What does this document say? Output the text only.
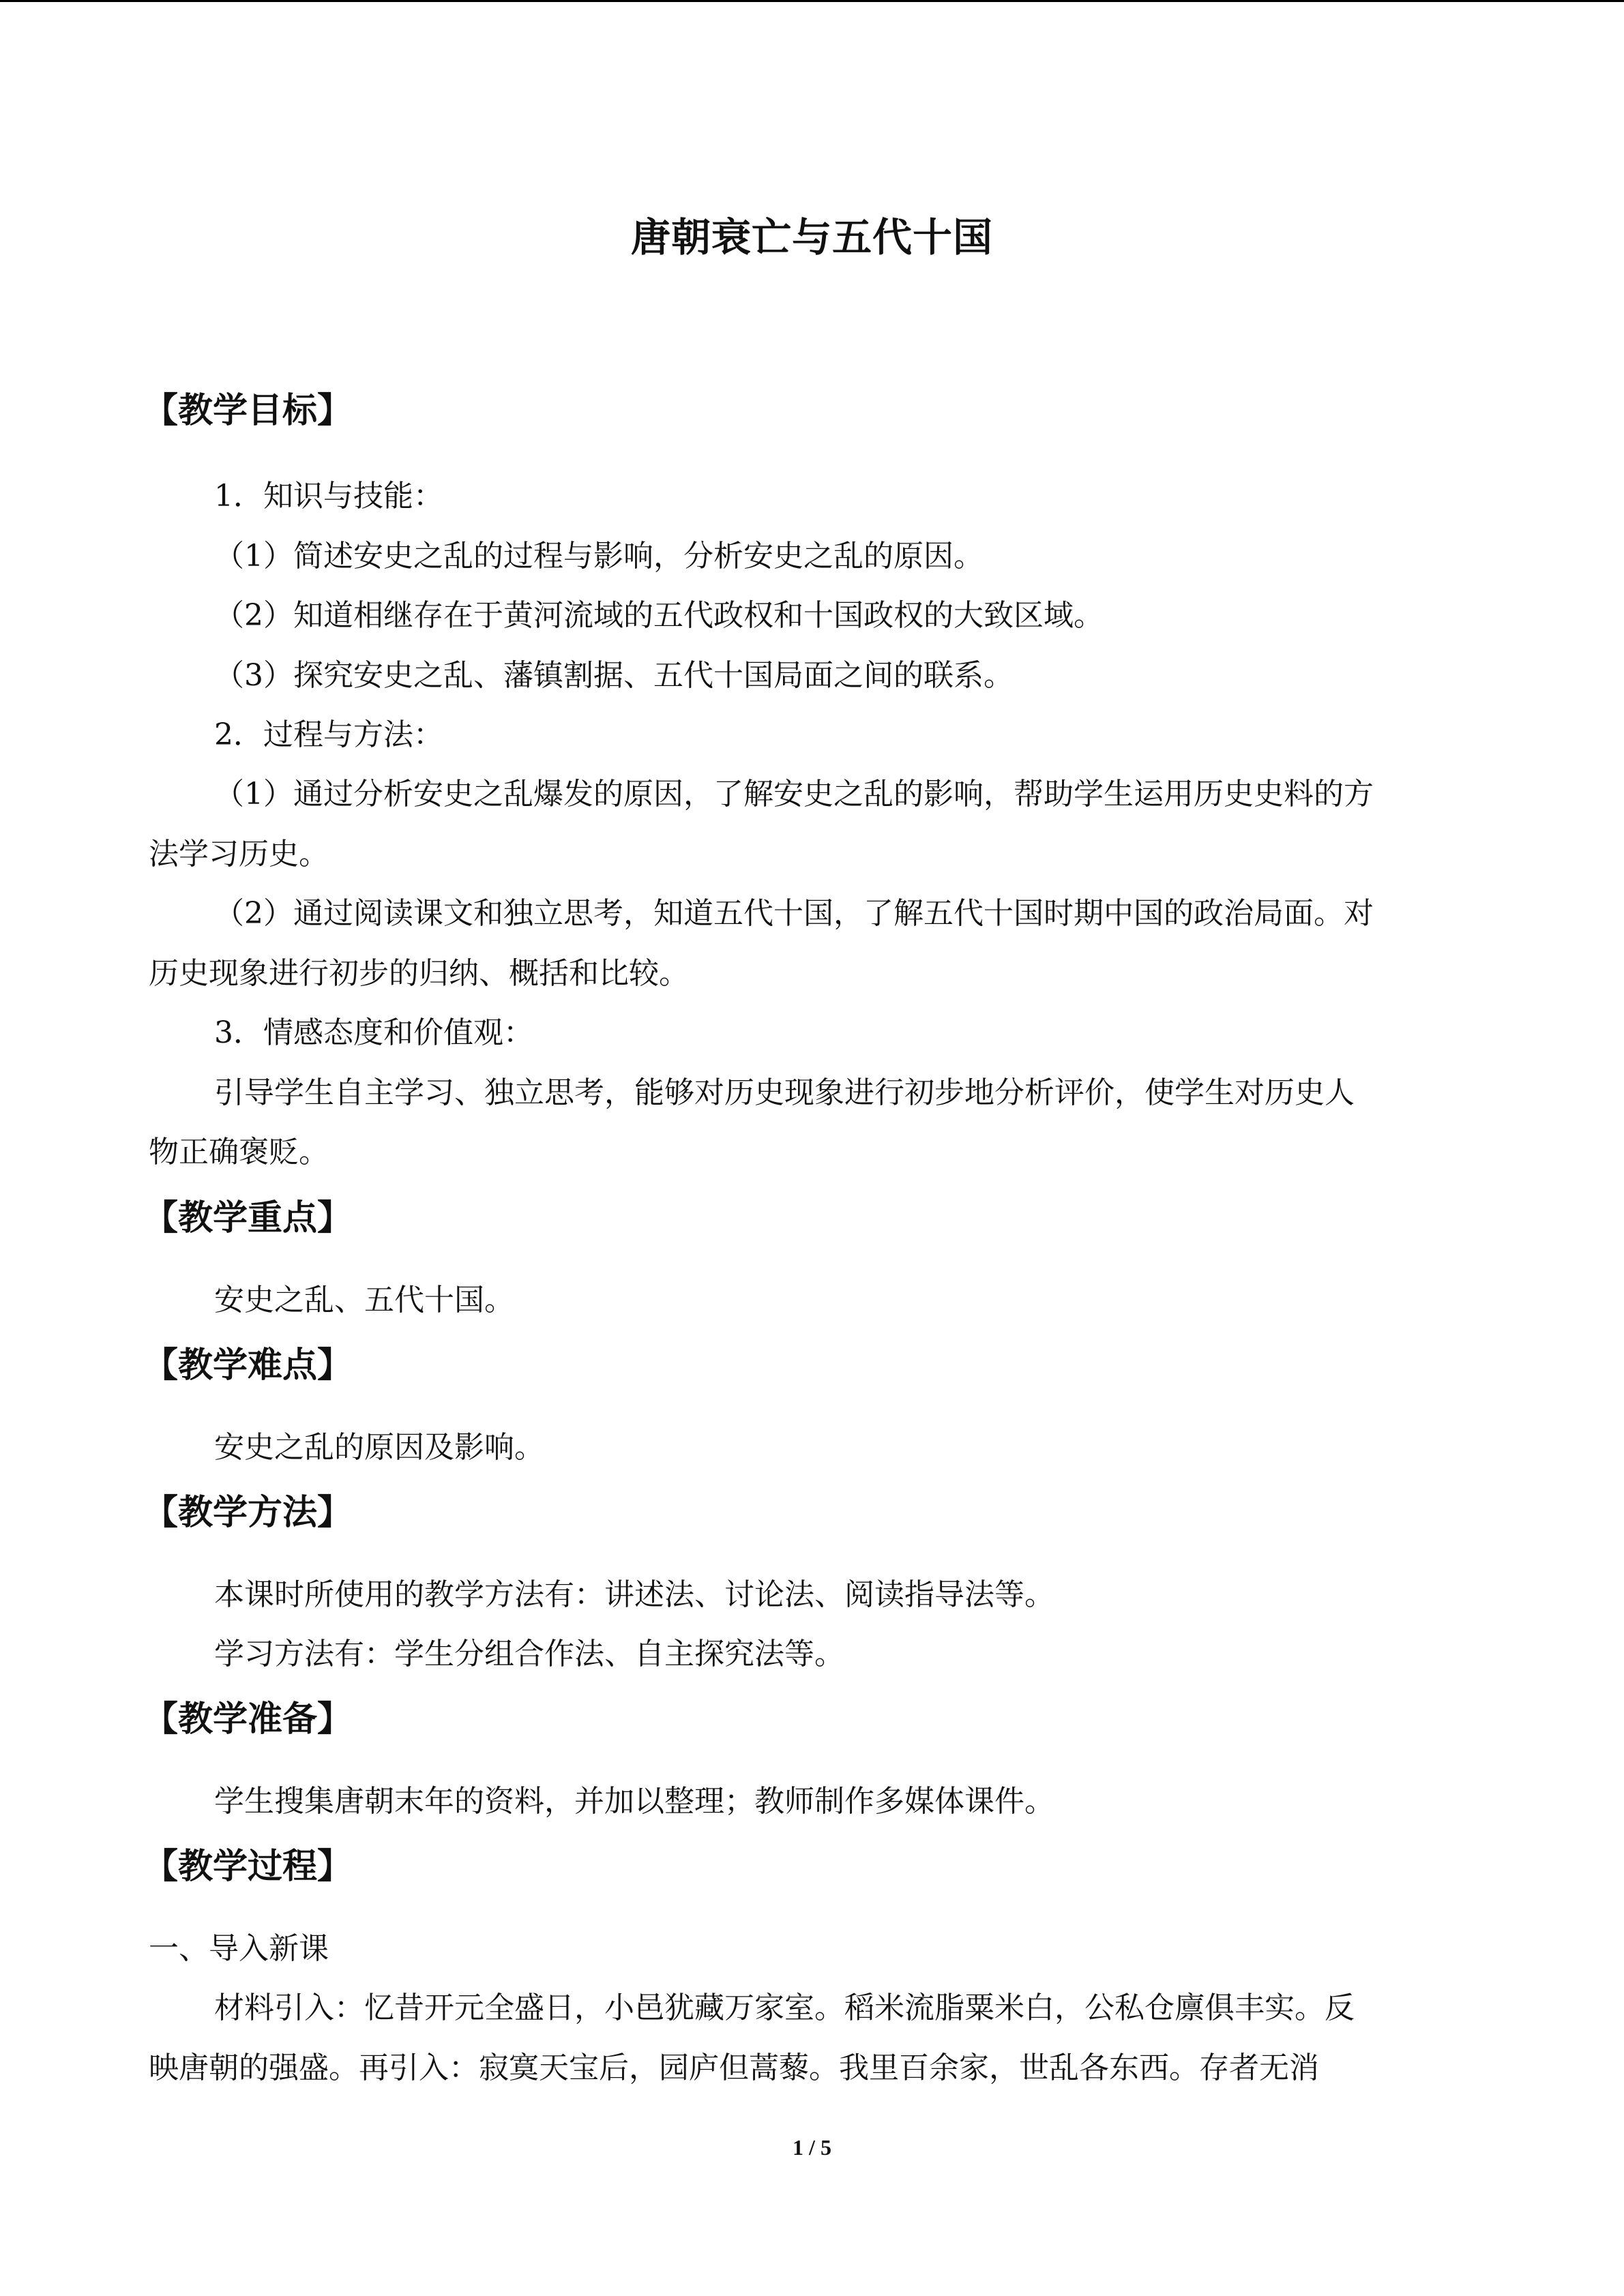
唐朝衰亡与五代十国
【教学目标】
1．知识与技能：
（1）简述安史之乱的过程与影响，分析安史之乱的原因。
（2）知道相继存在于黄河流域的五代政权和十国政权的大致区域。
（3）探究安史之乱、藩镇割据、五代十国局面之间的联系。
2．过程与方法：
（1）通过分析安史之乱爆发的原因，了解安史之乱的影响，帮助学生运用历史史料的方
法学习历史。
（2）通过阅读课文和独立思考，知道五代十国，了解五代十国时期中国的政治局面。对
历史现象进行初步的归纳、概括和比较。
3．情感态度和价值观：
引导学生自主学习、独立思考，能够对历史现象进行初步地分析评价，使学生对历史人
物正确褒贬。
【教学重点】
安史之乱、五代十国。
【教学难点】
安史之乱的原因及影响。
【教学方法】
本课时所使用的教学方法有：讲述法、讨论法、阅读指导法等。
学习方法有：学生分组合作法、自主探究法等。
【教学准备】
学生搜集唐朝末年的资料，并加以整理；教师制作多媒体课件。
【教学过程】
一、导入新课
材料引入：忆昔开元全盛日，小邑犹藏万家室。稻米流脂粟米白，公私仓廪俱丰实。反
映唐朝的强盛。再引入：寂寞天宝后，园庐但蒿藜。我里百余家，世乱各东西。存者无消
1 / 5
